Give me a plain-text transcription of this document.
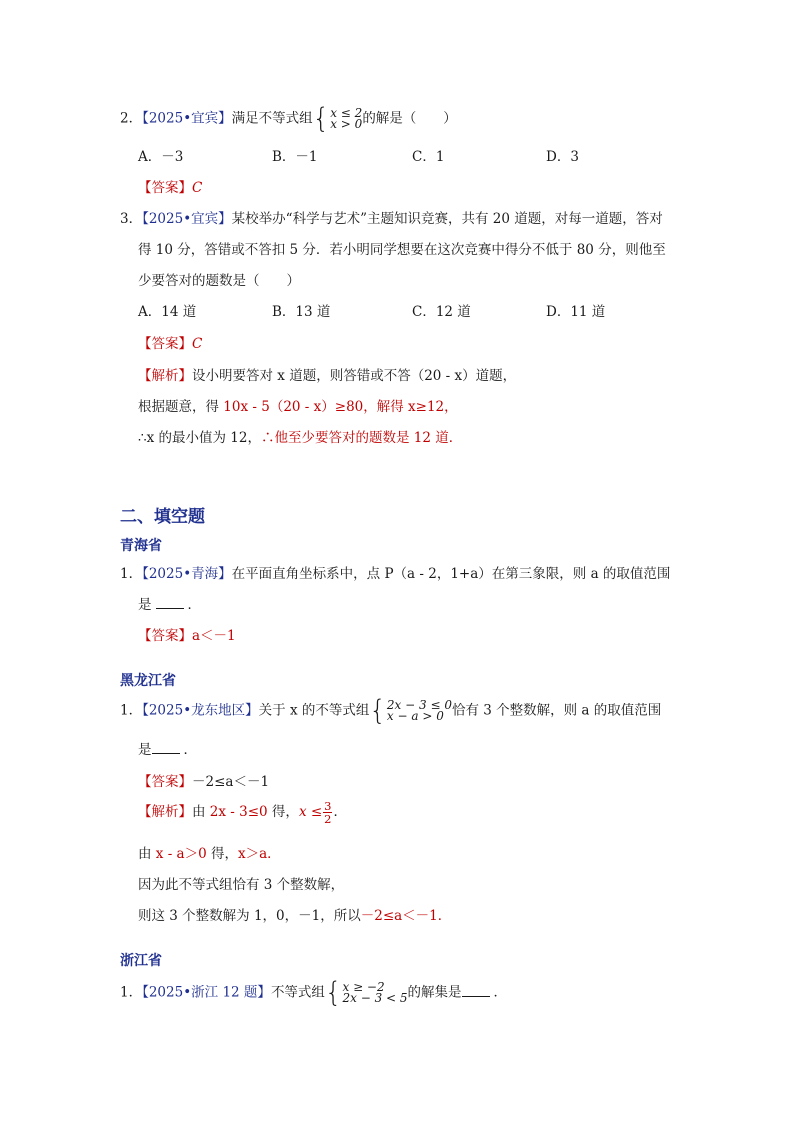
2．【2025•宜宾】满足不等式组 { x ≤ 2
x > 0 的解是（　　）
A．－3	B．－1	C．1	D．3
【答案】C
3．【2025•宜宾】某校举办“科学与艺术”主题知识竞赛，共有 20 道题，对每一道题，答对
得 10 分，答错或不答扣 5 分．若小明同学想要在这次竞赛中得分不低于 80 分，则他至
少要答对的题数是（　　）
A．14 道	B．13 道	C．12 道	D．11 道
【答案】C
【解析】设小明要答对 x 道题，则答错或不答（20 - x）道题，
根据题意，得 10x - 5（20 - x）≥80，解得 x≥12，
∴x 的最小值为 12，∴他至少要答对的题数是 12 道．
二、填空题
青海省
1．【2025•青海】在平面直角坐标系中，点 P（a - 2，1+a）在第三象限，则 a 的取值范围
是	．
【答案】a＜－1
黑龙江省
1．【2025•龙东地区】关于 x 的不等式组 { 2x − 3 ≤ 0
x − a > 0 恰有 3 个整数解，则 a 的取值范围
是 ．
【答案】－2≤a＜－1
【解析】由 2x - 3≤0 得，$x \le \frac{3}{2}$ ．
由 x - a＞0 得，x＞a．
因为此不等式组恰有 3 个整数解，
则这 3 个整数解为 1，0，－1，所以－2≤a＜－1．
浙江省
1．【2025•浙江 12 题】不等式组 { x ≥ −2
2x − 3 < 5 的解集是 ．
